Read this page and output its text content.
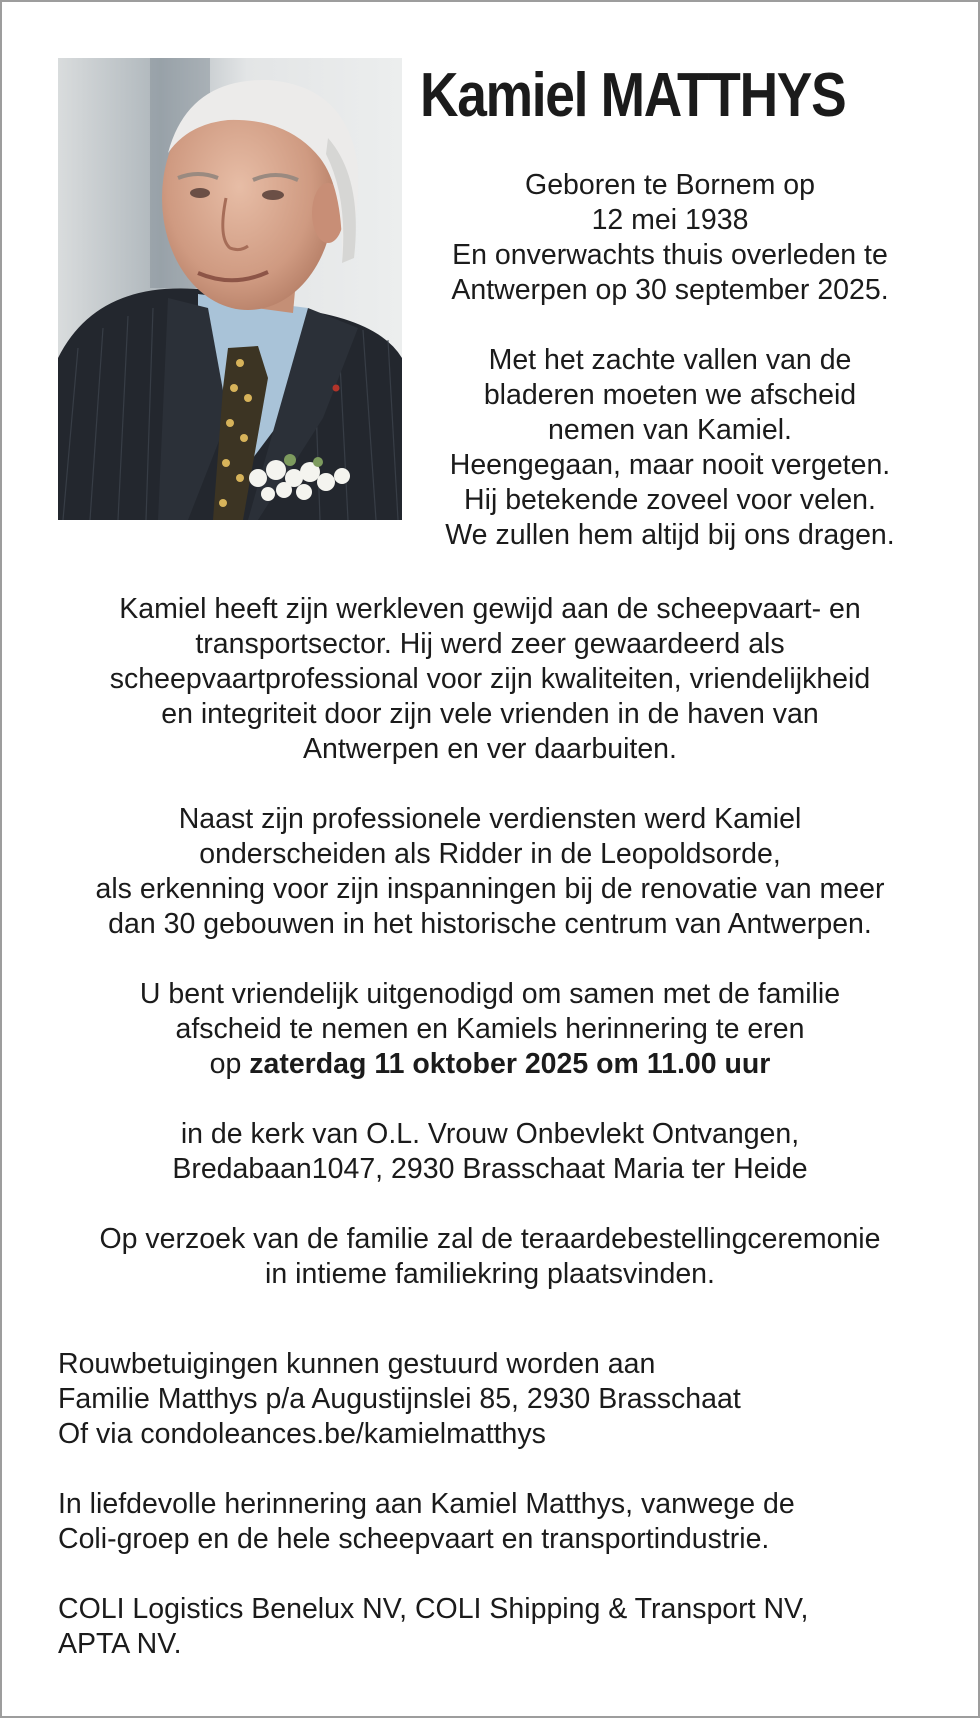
Kamiel MATTHYS
Geboren te Bornem op
12 mei 1938
En onverwachts thuis overleden te
Antwerpen op 30 september 2025.
Met het zachte vallen van de
bladeren moeten we afscheid
nemen van Kamiel.
Heengegaan, maar nooit vergeten.
Hij betekende zoveel voor velen.
We zullen hem altijd bij ons dragen.
Kamiel heeft zijn werkleven gewijd aan de scheepvaart- en
transportsector. Hij werd zeer gewaardeerd als
scheepvaartprofessional voor zijn kwaliteiten, vriendelijkheid
en integriteit door zijn vele vrienden in de haven van
Antwerpen en ver daarbuiten.
Naast zijn professionele verdiensten werd Kamiel
onderscheiden als Ridder in de Leopoldsorde,
als erkenning voor zijn inspanningen bij de renovatie van meer
dan 30 gebouwen in het historische centrum van Antwerpen.
U bent vriendelijk uitgenodigd om samen met de familie
afscheid te nemen en Kamiels herinnering te eren
op zaterdag 11 oktober 2025 om 11.00 uur
in de kerk van O.L. Vrouw Onbevlekt Ontvangen,
Bredabaan1047, 2930 Brasschaat Maria ter Heide
Op verzoek van de familie zal de teraardebestellingceremonie
in intieme familiekring plaatsvinden.
Rouwbetuigingen kunnen gestuurd worden aan
Familie Matthys p/a Augustijnslei 85, 2930 Brasschaat
Of via condoleances.be/kamielmatthys
In liefdevolle herinnering aan Kamiel Matthys, vanwege de
Coli-groep en de hele scheepvaart en transportindustrie.
COLI Logistics Benelux NV, COLI Shipping & Transport NV,
APTA NV.
